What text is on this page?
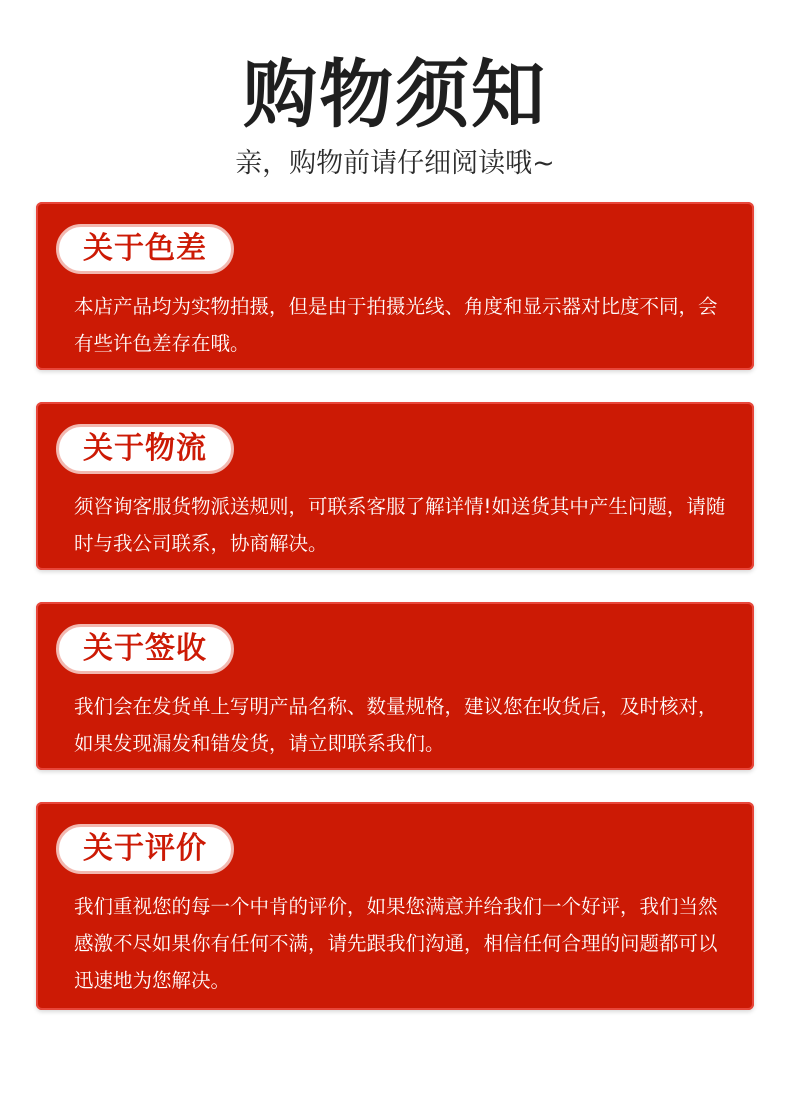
购物须知
亲，购物前请仔细阅读哦~
关于色差
本店产品均为实物拍摄，但是由于拍摄光线、角度和显示器对比度不同，会有些许色差存在哦。
关于物流
须咨询客服货物派送规则，可联系客服了解详情!如送货其中产生问题，请随时与我公司联系，协商解决。
关于签收
我们会在发货单上写明产品名称、数量规格，建议您在收货后，及时核对，如果发现漏发和错发货，请立即联系我们。
关于评价
我们重视您的每一个中肯的评价，如果您满意并给我们一个好评，我们当然感激不尽如果你有任何不满，请先跟我们沟通，相信任何合理的问题都可以迅速地为您解决。
